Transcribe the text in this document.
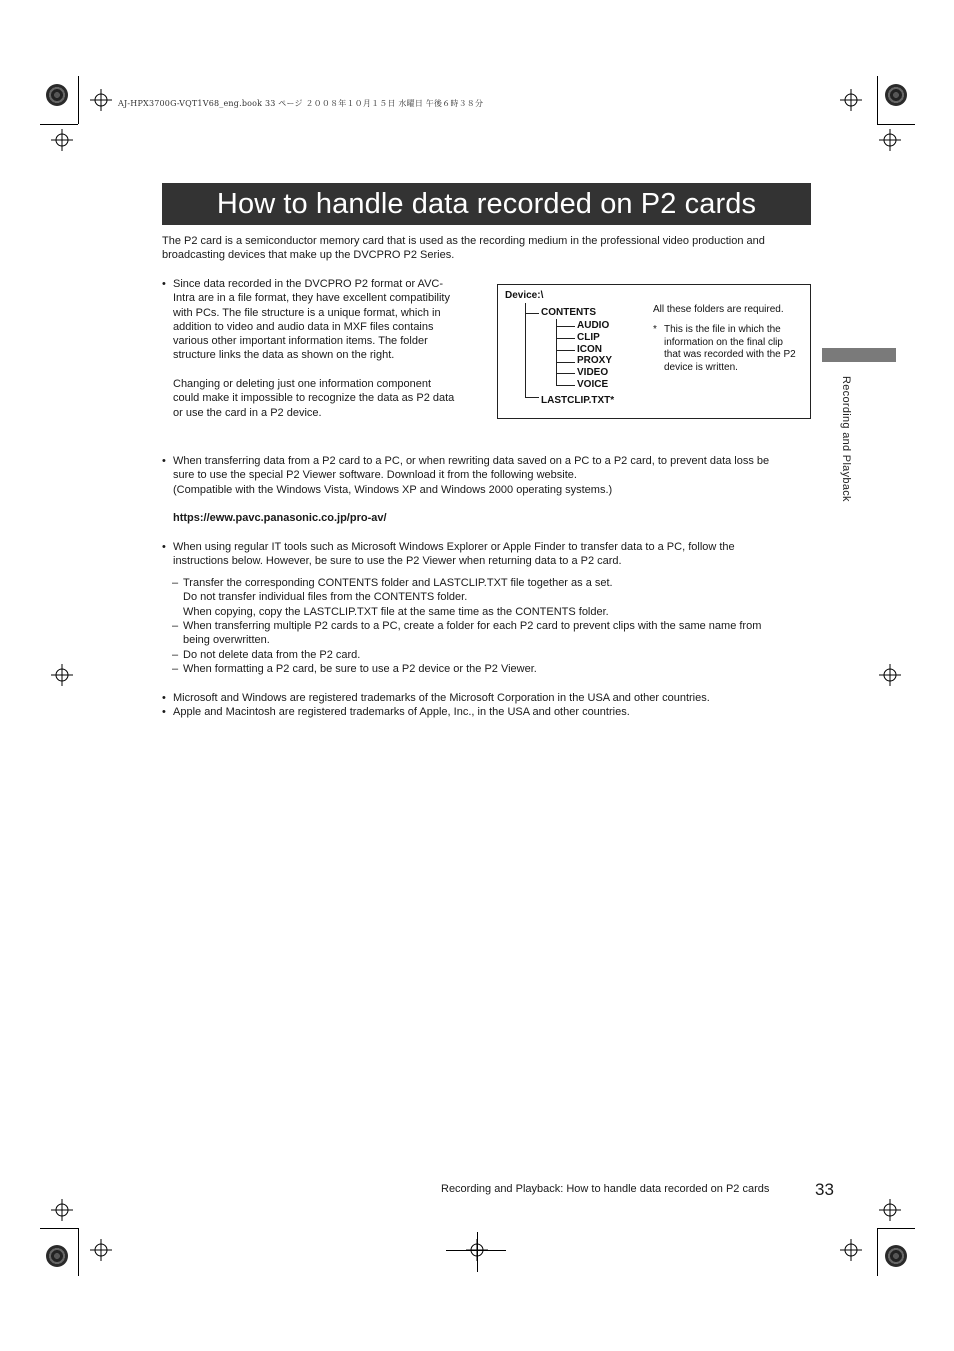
AJ-HPX3700G-VQT1V68_eng.book 33 ページ ２００８年１０月１５日 水曜日 午後６時３８分
How to handle data recorded on P2 cards
The P2 card is a semiconductor memory card that is used as the recording medium in the professional video production and
broadcasting devices that make up the DVCPRO P2 Series.
• Since data recorded in the DVCPRO P2 format or AVC-
Intra are in a file format, they have excellent compatibility
with PCs. The file structure is a unique format, which in
addition to video and audio data in MXF files contains
various other important information items. The folder
structure links the data as shown on the right.
Changing or deleting just one information component
could make it impossible to recognize the data as P2 data
or use the card in a P2 device.
Device:\
CONTENTS
LASTCLIP.TXT*
AUDIO
CLIP
ICON
PROXY
VIDEO
VOICE
All these folders are required.
* This is the file in which the
information on the final clip
that was recorded with the P2
device is written.
• When transferring data from a P2 card to a PC, or when rewriting data saved on a PC to a P2 card, to prevent data loss be
sure to use the special P2 Viewer software. Download it from the following website.
(Compatible with the Windows Vista, Windows XP and Windows 2000 operating systems.)
https://eww.pavc.panasonic.co.jp/pro-av/
• When using regular IT tools such as Microsoft Windows Explorer or Apple Finder to transfer data to a PC, follow the
instructions below. However, be sure to use the P2 Viewer when returning data to a P2 card.
– Transfer the corresponding CONTENTS folder and LASTCLIP.TXT file together as a set.
Do not transfer individual files from the CONTENTS folder.
When copying, copy the LASTCLIP.TXT file at the same time as the CONTENTS folder.
– When transferring multiple P2 cards to a PC, create a folder for each P2 card to prevent clips with the same name from
being overwritten.
– Do not delete data from the P2 card.
– When formatting a P2 card, be sure to use a P2 device or the P2 Viewer.
• Microsoft and Windows are registered trademarks of the Microsoft Corporation in the USA and other countries.
• Apple and Macintosh are registered trademarks of Apple, Inc., in the USA and other countries.
Recording and Playback
Recording and Playback: How to handle data recorded on P2 cards	33
